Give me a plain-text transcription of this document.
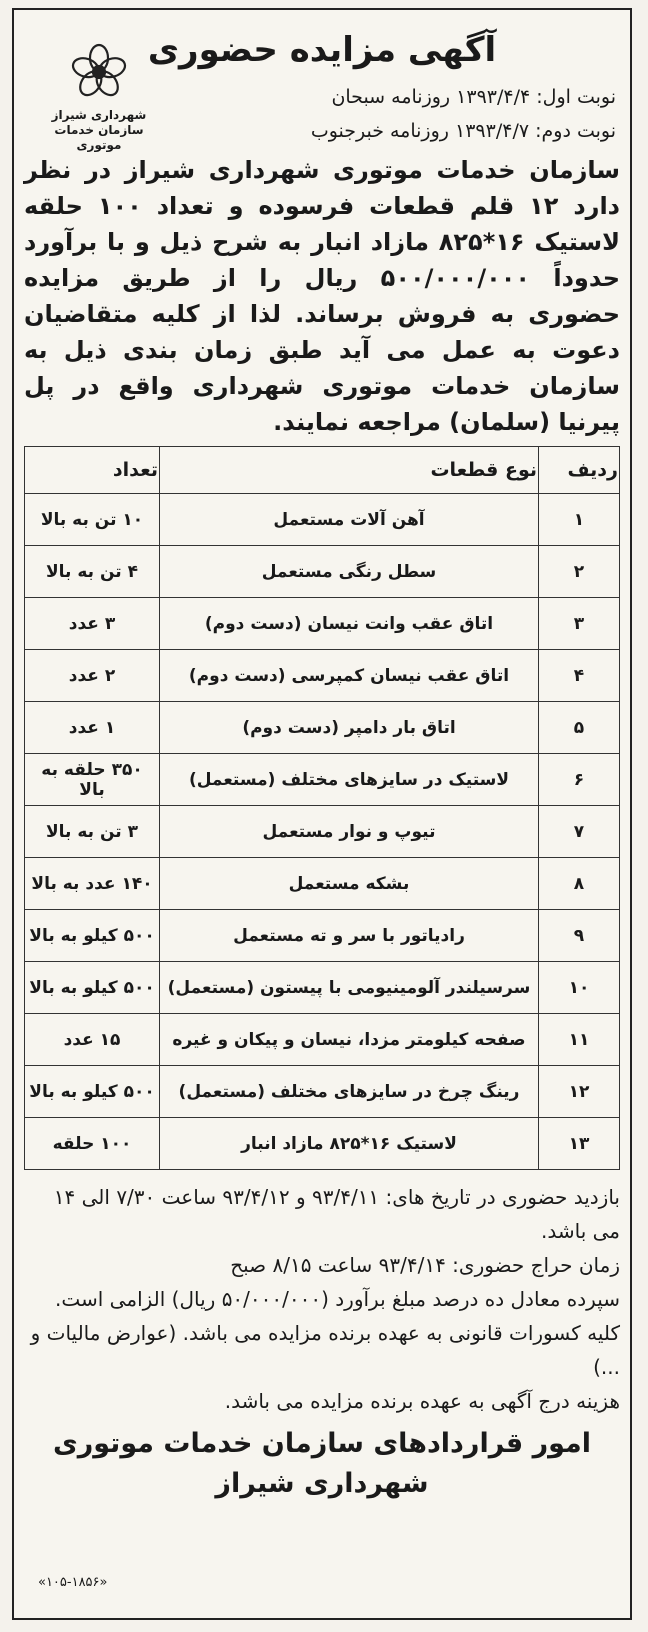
شهرداری شیراز
سازمان خدمات موتوری
آگهی مزایده حضوری
نوبت اول: ۱۳۹۳/۴/۴ روزنامه سبحان
نوبت دوم: ۱۳۹۳/۴/۷ روزنامه خبرجنوب
سازمان خدمات موتوری شهرداری شیراز در نظر دارد ۱۲ قلم قطعات فرسوده و تعداد ۱۰۰ حلقه لاستیک ۱۶*۸۲۵ مازاد انبار به شرح ذیل و با برآورد حدوداً ۵۰۰/۰۰۰/۰۰۰ ریال را از طریق مزایده حضوری به فروش برساند. لذا از کلیه متقاضیان دعوت به عمل می آید طبق زمان بندی ذیل به سازمان خدمات موتوری شهرداری واقع در پل پیرنیا (سلمان) مراجعه نمایند.
ردیف	نوع قطعات	تعداد
۱	آهن آلات مستعمل	۱۰ تن به بالا
۲	سطل رنگی مستعمل	۴ تن به بالا
۳	اتاق عقب وانت نیسان (دست دوم)	۳ عدد
۴	اتاق عقب نیسان کمپرسی (دست دوم)	۲ عدد
۵	اتاق بار دامپر (دست دوم)	۱ عدد
۶	لاستیک در سایزهای مختلف (مستعمل)	۳۵۰ حلقه به بالا
۷	تیوپ و نوار مستعمل	۳ تن به بالا
۸	بشکه مستعمل	۱۴۰ عدد به بالا
۹	رادیاتور با سر و ته مستعمل	۵۰۰ کیلو به بالا
۱۰	سرسیلندر آلومینیومی با پیستون (مستعمل)	۵۰۰ کیلو به بالا
۱۱	صفحه کیلومتر مزدا، نیسان و پیکان و غیره	۱۵ عدد
۱۲	رینگ چرخ در سایزهای مختلف (مستعمل)	۵۰۰ کیلو به بالا
۱۳	لاستیک ۱۶*۸۲۵ مازاد انبار	۱۰۰ حلقه
بازدید حضوری در تاریخ های: ۹۳/۴/۱۱ و ۹۳/۴/۱۲ ساعت ۷/۳۰ الی ۱۴ می باشد.
زمان حراج حضوری: ۹۳/۴/۱۴ ساعت ۸/۱۵ صبح
سپرده معادل ده درصد مبلغ برآورد (۵۰/۰۰۰/۰۰۰ ریال) الزامی است.
کلیه کسورات قانونی به عهده برنده مزایده می باشد. (عوارض مالیات و ...)
هزینه درج آگهی به عهده برنده مزایده می باشد.
امور قراردادهای سازمان خدمات موتوری
شهرداری شیراز
«۱۰۵-۱۸۵۶»
